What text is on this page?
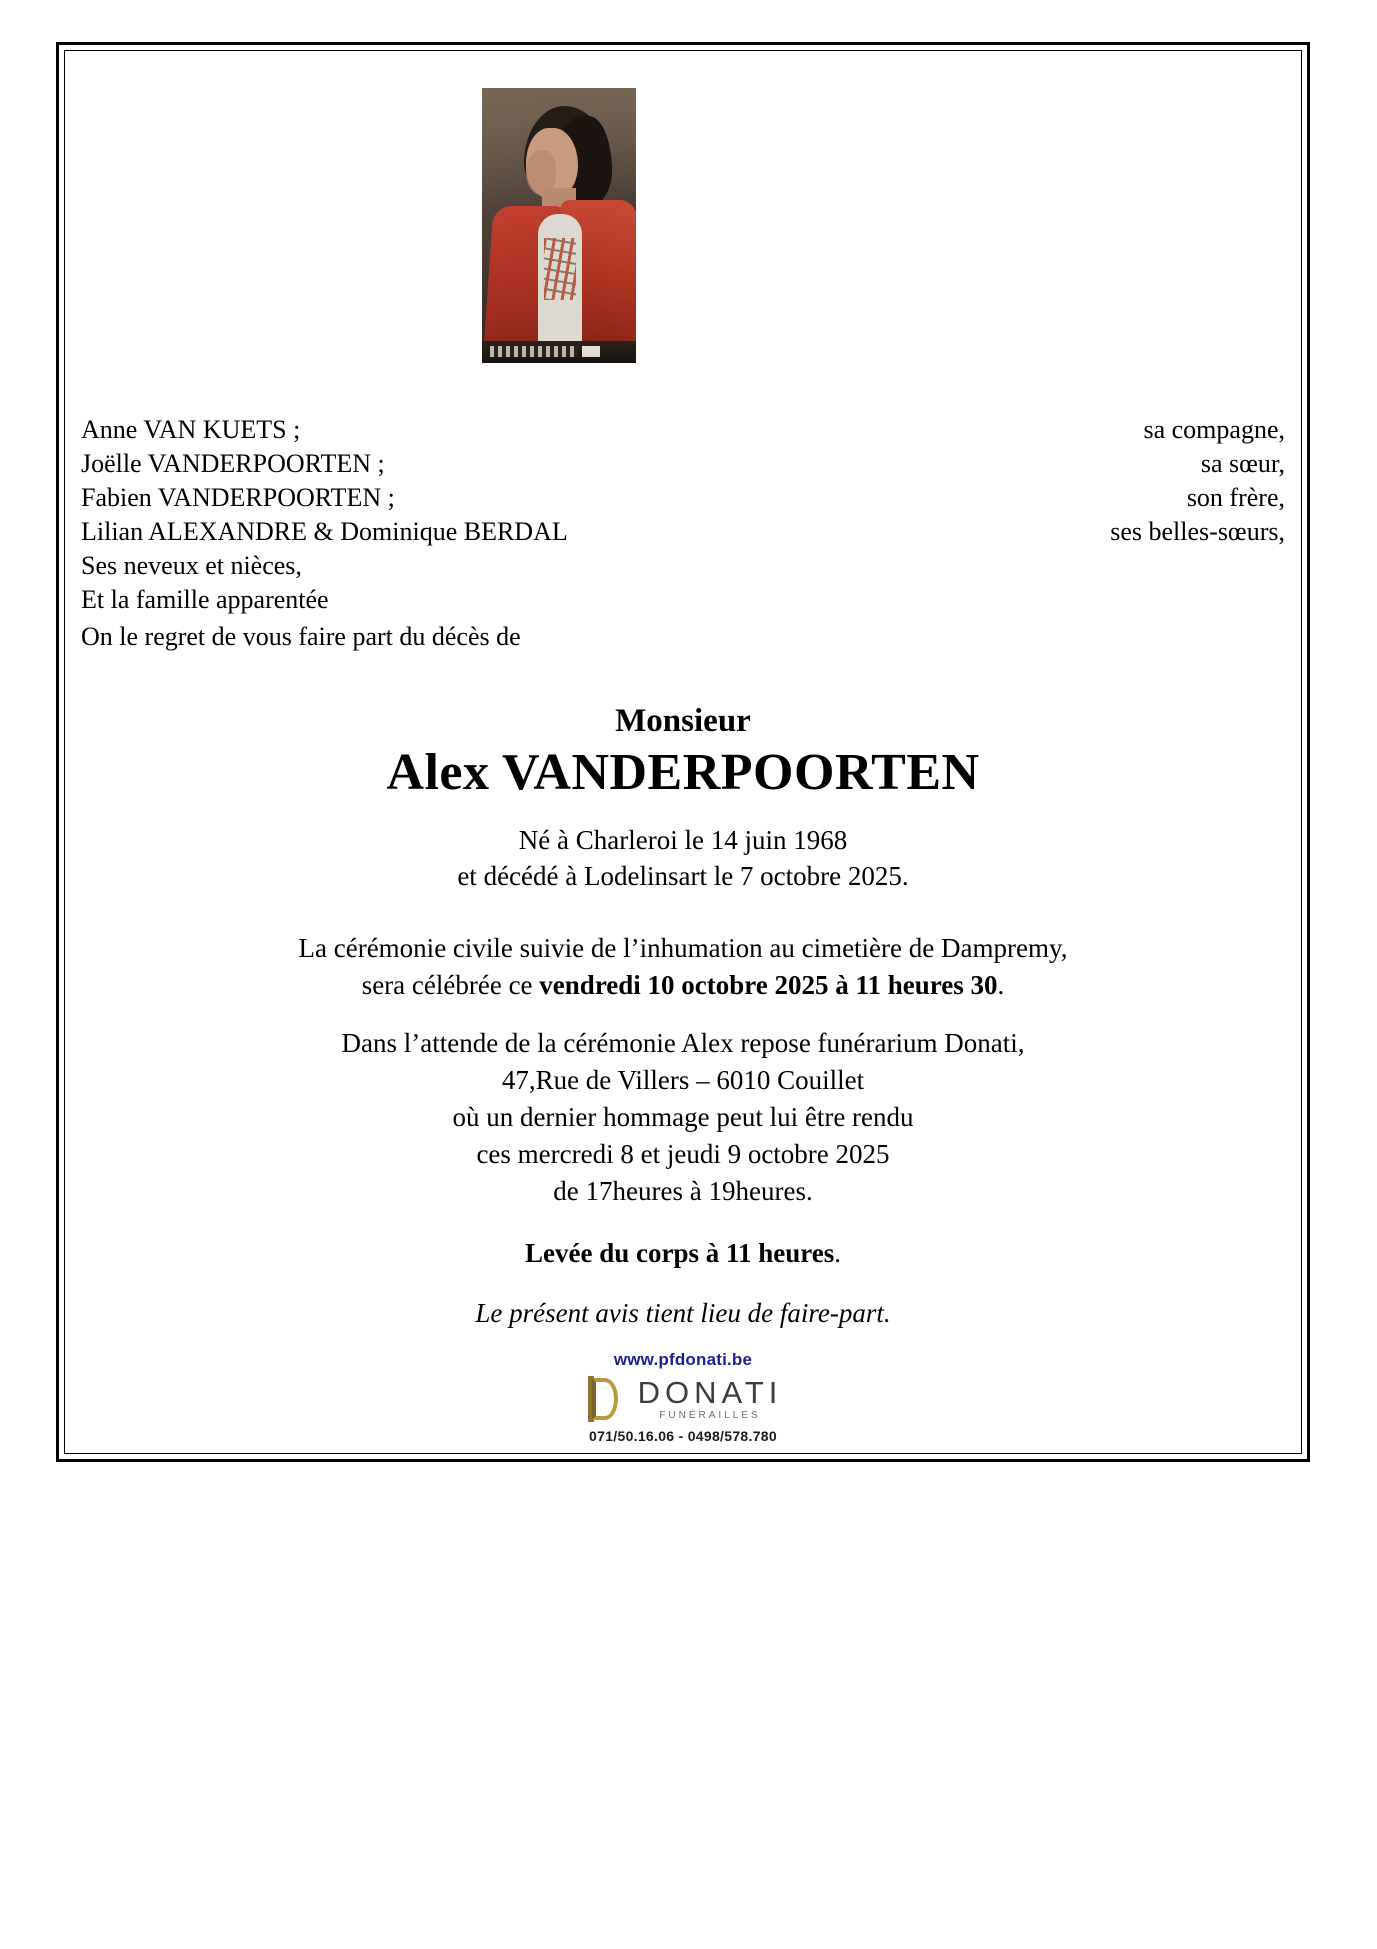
Anne VAN KUETS ;	sa compagne,
Joëlle VANDERPOORTEN ;	sa sœur,
Fabien VANDERPOORTEN ;	son frère,
Lilian ALEXANDRE & Dominique BERDAL	ses belles-sœurs,
Ses neveux et nièces,
Et la famille apparentée
On le regret de vous faire part du décès de
Monsieur
Alex VANDERPOORTEN
Né à Charleroi le 14 juin 1968
et décédé à Lodelinsart le 7 octobre 2025.
La cérémonie civile suivie de l’inhumation au cimetière de Dampremy,
sera célébrée ce vendredi 10 octobre 2025 à 11 heures 30.
Dans l’attende de la cérémonie Alex repose funérarium Donati,
47,Rue de Villers – 6010 Couillet
où un dernier hommage peut lui être rendu
ces mercredi 8 et jeudi 9 octobre 2025
de 17heures à 19heures.
Levée du corps à 11 heures.
Le présent avis tient lieu de faire-part.
www.pfdonati.be
DONATI
FUNÉRAILLES
071/50.16.06 - 0498/578.780
